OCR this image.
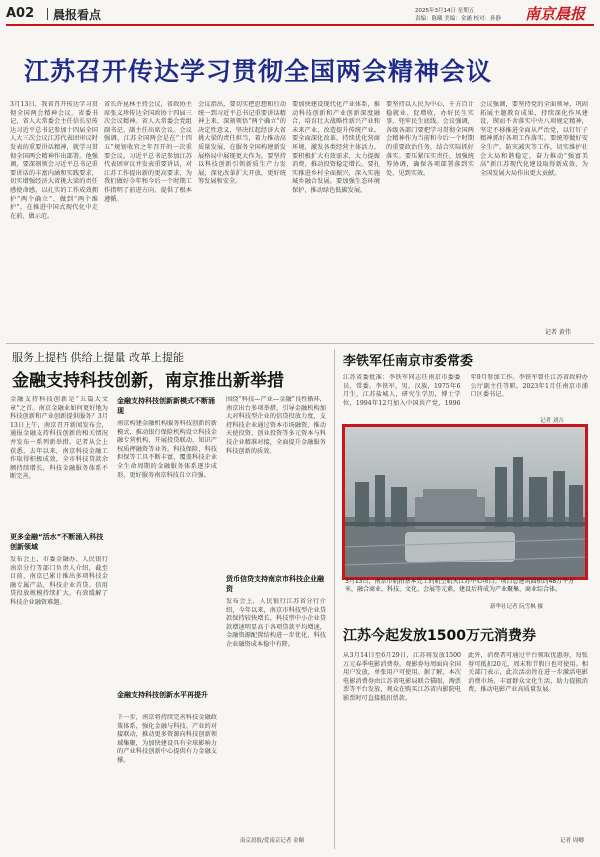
A02 晨报看点	2025年3月14日 星期五
责编：陈曦 美编：金涵 校对：孙静 南京晨报
江苏召开传达学习贯彻全国两会精神会议
3月13日，我省召开传达学习贯彻全国两会精神会议。省委书记、省人大常委会主任信长星传达习近平总书记参加十四届全国人大三次会议江苏代表团审议时发表的重要讲话精神，就学习贯彻全国两会精神作出部署。他强调，要深刻领会习近平总书记重要讲话的丰富内涵和实践要求，切实增强经济大省挑大梁的责任感使命感，以扎实的工作成效拥护“两个确立”、做到“两个维护”，在推进中国式现代化中走在前、做示范。
省长许昆林主持会议，省政协主席张义珍传达全国政协十四届三次会议精神。省人大常委会党组副书记、副主任出席会议。会议强调，江苏全国两会是在“十四五”规划收官之年召开的一次重要会议。习近平总书记参加江苏代表团审议并发表重要讲话，对江苏工作提出新的更高要求，为我们做好今年和今后一个时期工作指明了前进方向、提供了根本遵循。
会议指出，要切实把思想和行动统一到习近平总书记重要讲话精神上来，深刻领悟“两个确立”的决定性意义，坚决扛起经济大省挑大梁的责任担当，着力推动高质量发展，在服务全国构建新发展格局中展现更大作为。要坚持以科技创新引领新质生产力发展，深化改革扩大开放，更好统筹发展和安全。
要加快建设现代化产业体系，推动科技创新和产业创新深度融合，培育壮大战略性新兴产业和未来产业，改造提升传统产业。要全面深化改革，持续优化营商环境，激发各类经营主体活力。要积极扩大有效需求，大力提振消费，推动投资稳定增长。要扎实推进乡村全面振兴，深入实施城乡融合发展。要加强生态环境保护，推动绿色低碳发展。
要坚持以人民为中心，千方百计稳就业、促增收，办好民生实事，兜牢民生底线。会议强调，各级各部门要把学习贯彻全国两会精神作为当前和今后一个时期的重要政治任务，结合实际抓好落实。要压紧压实责任，加强统筹协调，确保各项部署落到实处、见到实效。
会议强调，要坚持党的全面领导，巩固拓展主题教育成果，持续深化作风建设，锲而不舍落实中央八项规定精神，坚定不移推进全面从严治党，以钉钉子精神抓好各项工作落实。要统筹做好安全生产、防灾减灾等工作，切实维护社会大局和谐稳定，奋力推动“强富美高”新江苏现代化建设取得新成效，为全国发展大局作出更大贡献。
记者 黄伟
服务上提档 供给上提量 改革上提能
金融支持科技创新，南京推出新举措
金融支持科技创新是“五篇大文章”之首。南京金融业如何更好地为科技创新和产业创新提供服务？3月13日上午，南京召开新闻发布会，通报金融支持科技创新的相关情况并发布一系列新举措。记者从会上获悉，去年以来，南京科技金融工作取得积极成效，全市科技贷款余额持续增长，科技金融服务体系不断完善。
更多金融“活水”不断涌入科技创新领域
发布会上，市委金融办、人民银行南京分行等部门负责人介绍，截至目前，南京已累计推出多项科技金融专属产品，科技企业首贷、信用贷投放规模持续扩大，有效缓解了科技企业融资难题。
金融支持科技创新新模式不断涌现
南京构建金融机构服务科技创新的新模式，推动银行保险机构设立科技金融专营机构，开展投贷联动、知识产权质押融资等业务。科技保险、科技担保等工具不断丰富，覆盖科技企业全生命周期的金融服务体系逐步成形，更好服务南京科技自立自强。
金融支持科技创新水平再提升
下一步，南京将持续完善科技金融政策体系，强化金融与科技、产业的对接联动，推动更多资源向科技创新领域集聚，为加快建设具有全球影响力的产业科技创新中心提供有力金融支撑。
围绕“科技—产业—金融”良性循环，南京出台多项举措，引导金融机构加大对科技型企业的信贷投放力度，支持科技企业通过资本市场融资，推动天使投资、创业投资等多元资本与科技企业精准对接，全面提升金融服务科技创新的质效。
货币信贷支持南京市科技企业融资
发布会上，人民银行江苏省分行介绍，今年以来，南京市科技型企业贷款保持较快增长，科技型中小企业贷款增速明显高于各项贷款平均增速，金融资源配置结构进一步优化，科技企业融资成本稳中有降。
南京晨报/爱南京记者 金颐
李铁军任南京市委常委
江苏省委批准：李铁军同志任南京市委委员、常委。李铁军，男，汉族，1975年6月生，江苏盐城人，研究生学历，博士学位，1994年12月加入中国共产党，1996年9月参加工作。李铁军曾任江苏省政府办公厅副主任等职。2023年1月任南京市浦口区委书记。
记者 刘吉
3月13日，南京市航拍基本完工的航空航天江苏中心项目。项目总建筑面积约48万平方米，融合商业、科技、文化、会展等元素，建设后将成为产业聚集、商业综合体。
新华社记者 阮雪枫 摄
江苏今起发放1500万元消费券
从3月14日至6月29日，江苏将发放1500万元春季电影消费券。观影券每周面向全国用户发放，单张用户可使用。据了解，本次电影消费券由江苏省电影局联合猫眼、淘票票等平台发放，观众在购买江苏省内影院电影票时可直接抵扣票款。
此外，消费者可通过平台领取优惠券，每张券可抵扣20元，周末和节假日也可使用。相关部门表示，此次活动旨在进一步激活电影消费市场，丰富群众文化生活，助力提振消费，推动电影产业高质量发展。
记者 周卿
